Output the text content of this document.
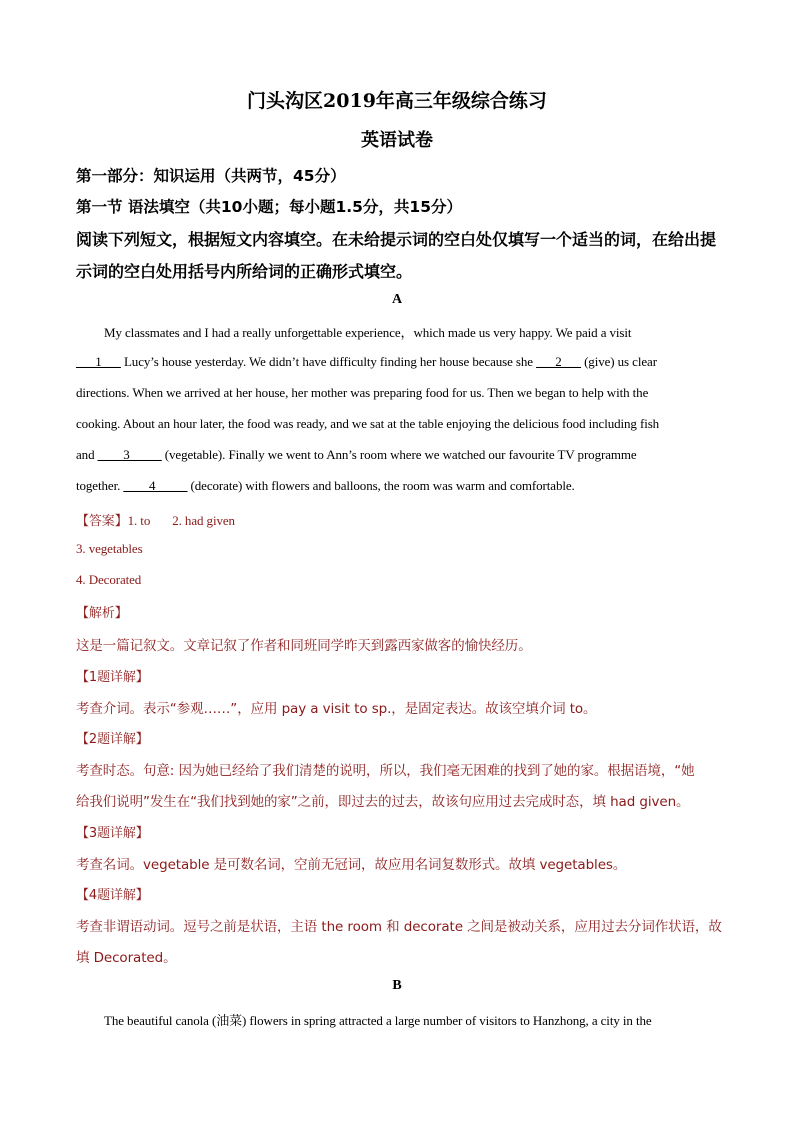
门头沟区2019年高三年级综合练习
英语试卷
第一部分：知识运用（共两节，45分）
第一节 语法填空（共10小题；每小题1.5分，共15分）
阅读下列短文，根据短文内容填空。在未给提示词的空白处仅填写一个适当的词，在给出提
示词的空白处用括号内所给词的正确形式填空。
A
My classmates and I had a really unforgettable experience，which made us very happy. We paid a visit
___1___ Lucy’s house yesterday. We didn’t have difficulty finding her house because she ___2___ (give) us clear
directions. When we arrived at her house, her mother was preparing food for us. Then we began to help with the
cooking. About an hour later, the food was ready, and we sat at the table enjoying the delicious food including fish
and ____3_____ (vegetable). Finally we went to Ann’s room where we watched our favourite TV programme
together. ____4_____ (decorate) with flowers and balloons, the room was warm and comfortable.
【答案】1. to 2. had given
3. vegetables
4. Decorated
【解析】
这是一篇记叙文。文章记叙了作者和同班同学昨天到露西家做客的愉快经历。
【1题详解】
考查介词。表示“参观……”，应用 pay a visit to sp.，是固定表达。故该空填介词 to。
【2题详解】
考查时态。句意: 因为她已经给了我们清楚的说明，所以，我们毫无困难的找到了她的家。根据语境，“她
给我们说明”发生在“我们找到她的家”之前，即过去的过去，故该句应用过去完成时态，填 had given。
【3题详解】
考查名词。vegetable 是可数名词，空前无冠词，故应用名词复数形式。故填 vegetables。
【4题详解】
考查非谓语动词。逗号之前是状语，主语 the room 和 decorate 之间是被动关系，应用过去分词作状语，故
填 Decorated。
B
The beautiful canola (油菜) flowers in spring attracted a large number of visitors to Hanzhong, a city in the
